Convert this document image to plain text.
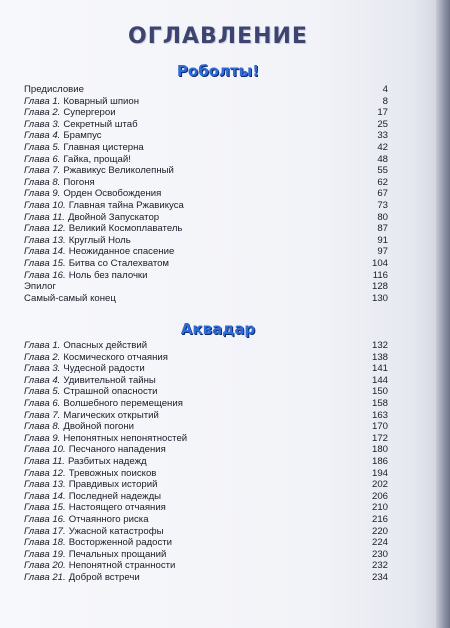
ОГЛАВЛЕНИЕ
Роболты!
Предисловие	4
Глава 1. Коварный шпион	8
Глава 2. Супергерои	17
Глава 3. Секретный штаб	25
Глава 4. Брампус	33
Глава 5. Главная цистерна	42
Глава 6. Гайка, прощай!	48
Глава 7. Ржавикус Великолепный	55
Глава 8. Погоня	62
Глава 9. Орден Освобождения	67
Глава 10. Главная тайна Ржавикуса	73
Глава 11. Двойной Запускатор	80
Глава 12. Великий Космоплаватель	87
Глава 13. Круглый Ноль	91
Глава 14. Неожиданное спасение	97
Глава 15. Битва со Сталехватом	104
Глава 16. Ноль без палочки	116
Эпилог	128
Самый-самый конец	130
Аквадар
Глава 1. Опасных действий	132
Глава 2. Космического отчаяния	138
Глава 3. Чудесной радости	141
Глава 4. Удивительной тайны	144
Глава 5. Страшной опасности	150
Глава 6. Волшебного перемещения	158
Глава 7. Магических открытий	163
Глава 8. Двойной погони	170
Глава 9. Непонятных непонятностей	172
Глава 10. Песчаного нападения	180
Глава 11. Разбитых надежд	186
Глава 12. Тревожных поисков	194
Глава 13. Правдивых историй	202
Глава 14. Последней надежды	206
Глава 15. Настоящего отчаяния	210
Глава 16. Отчаянного риска	216
Глава 17. Ужасной катастрофы	220
Глава 18. Восторженной радости	224
Глава 19. Печальных прощаний	230
Глава 20. Непонятной странности	232
Глава 21. Доброй встречи	234
